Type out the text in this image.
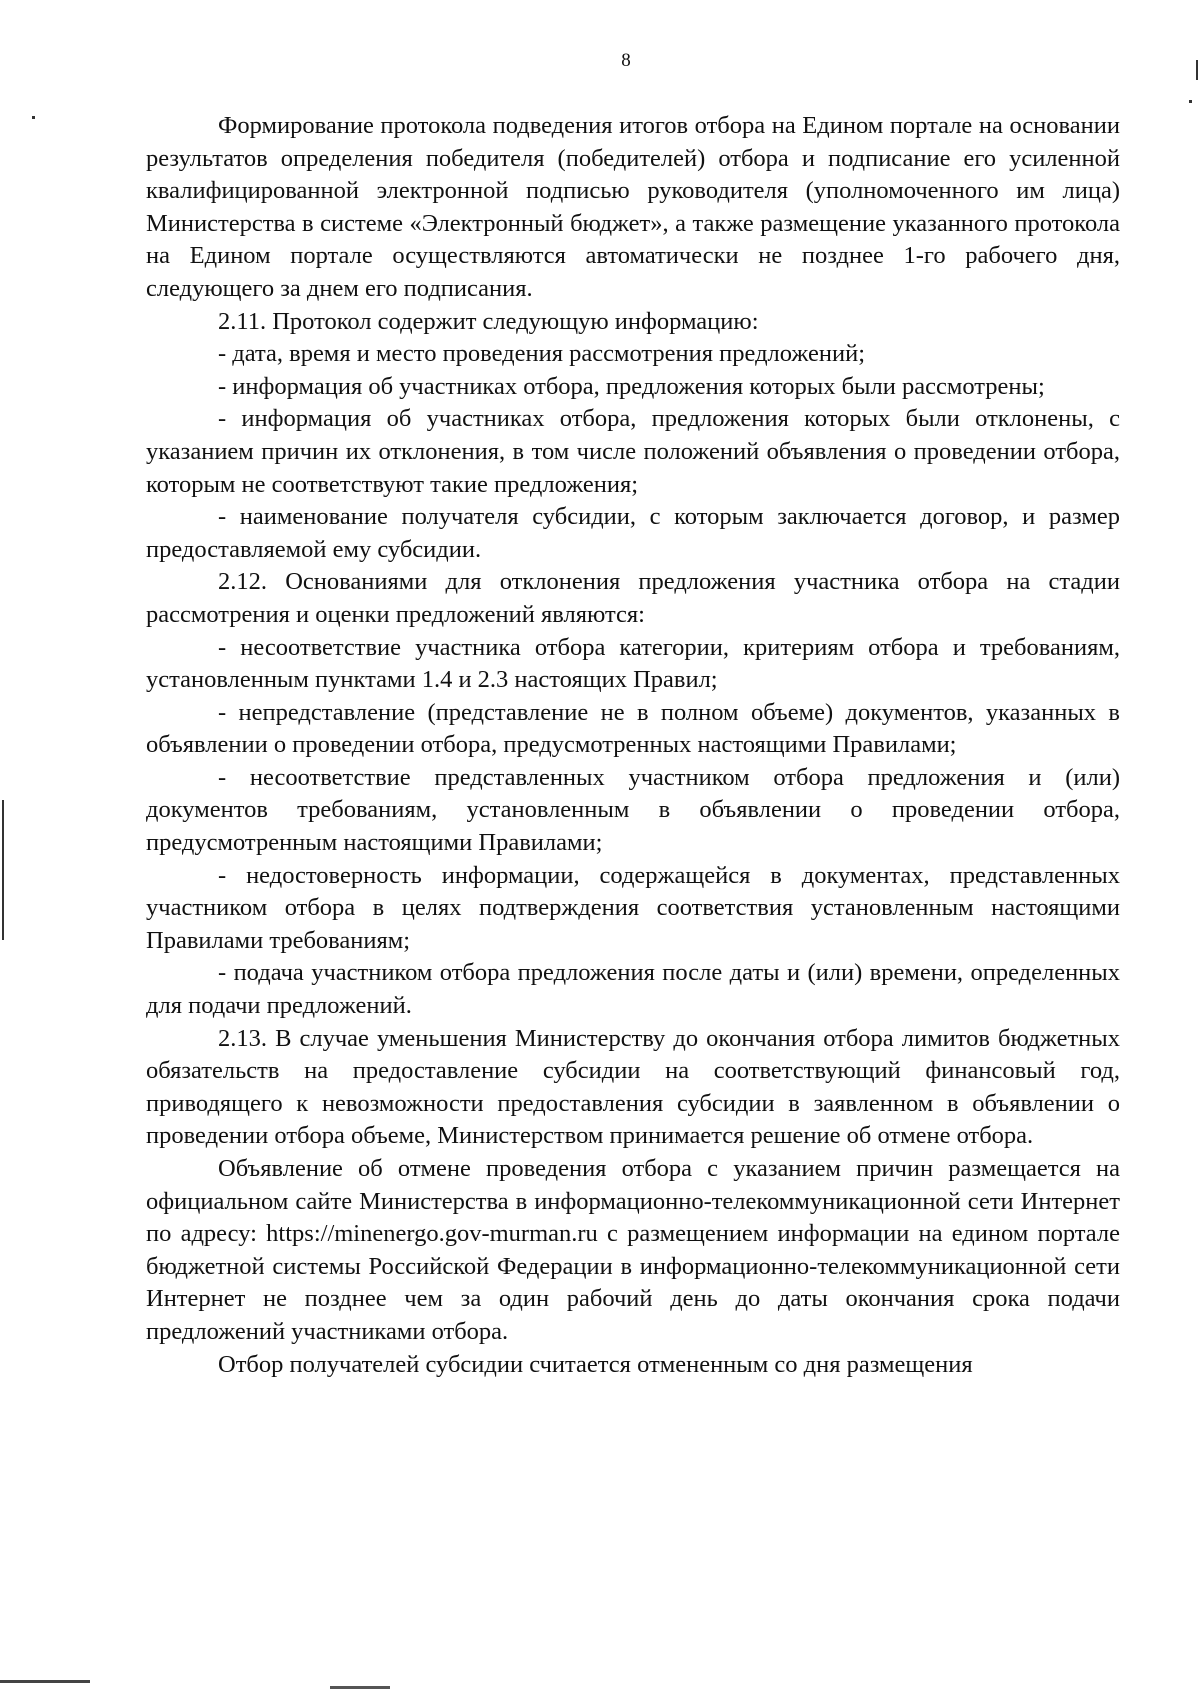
8

Формирование протокола подведения итогов отбора на Едином портале на основании результатов определения победителя (победителей) отбора и подписание его усиленной квалифицированной электронной подписью руководителя (уполномоченного им лица) Министерства в системе «Электронный бюджет», а также размещение указанного протокола на Едином портале осуществляются автоматически не позднее 1-го рабочего дня, следующего за днем его подписания.

2.11. Протокол содержит следующую информацию:

- дата, время и место проведения рассмотрения предложений;

- информация об участниках отбора, предложения которых были рассмотрены;

- информация об участниках отбора, предложения которых были отклонены, с указанием причин их отклонения, в том числе положений объявления о проведении отбора, которым не соответствуют такие предложения;

- наименование получателя субсидии, с которым заключается договор, и размер предоставляемой ему субсидии.

2.12. Основаниями для отклонения предложения участника отбора на стадии рассмотрения и оценки предложений являются:

- несоответствие участника отбора категории, критериям отбора и требованиям, установленным пунктами 1.4 и 2.3 настоящих Правил;

- непредставление (представление не в полном объеме) документов, указанных в объявлении о проведении отбора, предусмотренных настоящими Правилами;

- несоответствие представленных участником отбора предложения и (или) документов требованиям, установленным в объявлении о проведении отбора, предусмотренным настоящими Правилами;

- недостоверность информации, содержащейся в документах, представленных участником отбора в целях подтверждения соответствия установленным настоящими Правилами требованиям;

- подача участником отбора предложения после даты и (или) времени, определенных для подачи предложений.

2.13. В случае уменьшения Министерству до окончания отбора лимитов бюджетных обязательств на предоставление субсидии на соответствующий финансовый год, приводящего к невозможности предоставления субсидии в заявленном в объявлении о проведении отбора объеме, Министерством принимается решение об отмене отбора.

Объявление об отмене проведения отбора с указанием причин размещается на официальном сайте Министерства в информационно-телекоммуникационной сети Интернет по адресу: https://minenergo.gov-murman.ru с размещением информации на едином портале бюджетной системы Российской Федерации в информационно-телекоммуникационной сети Интернет не позднее чем за один рабочий день до даты окончания срока подачи предложений участниками отбора.

Отбор получателей субсидии считается отмененным со дня размещения
